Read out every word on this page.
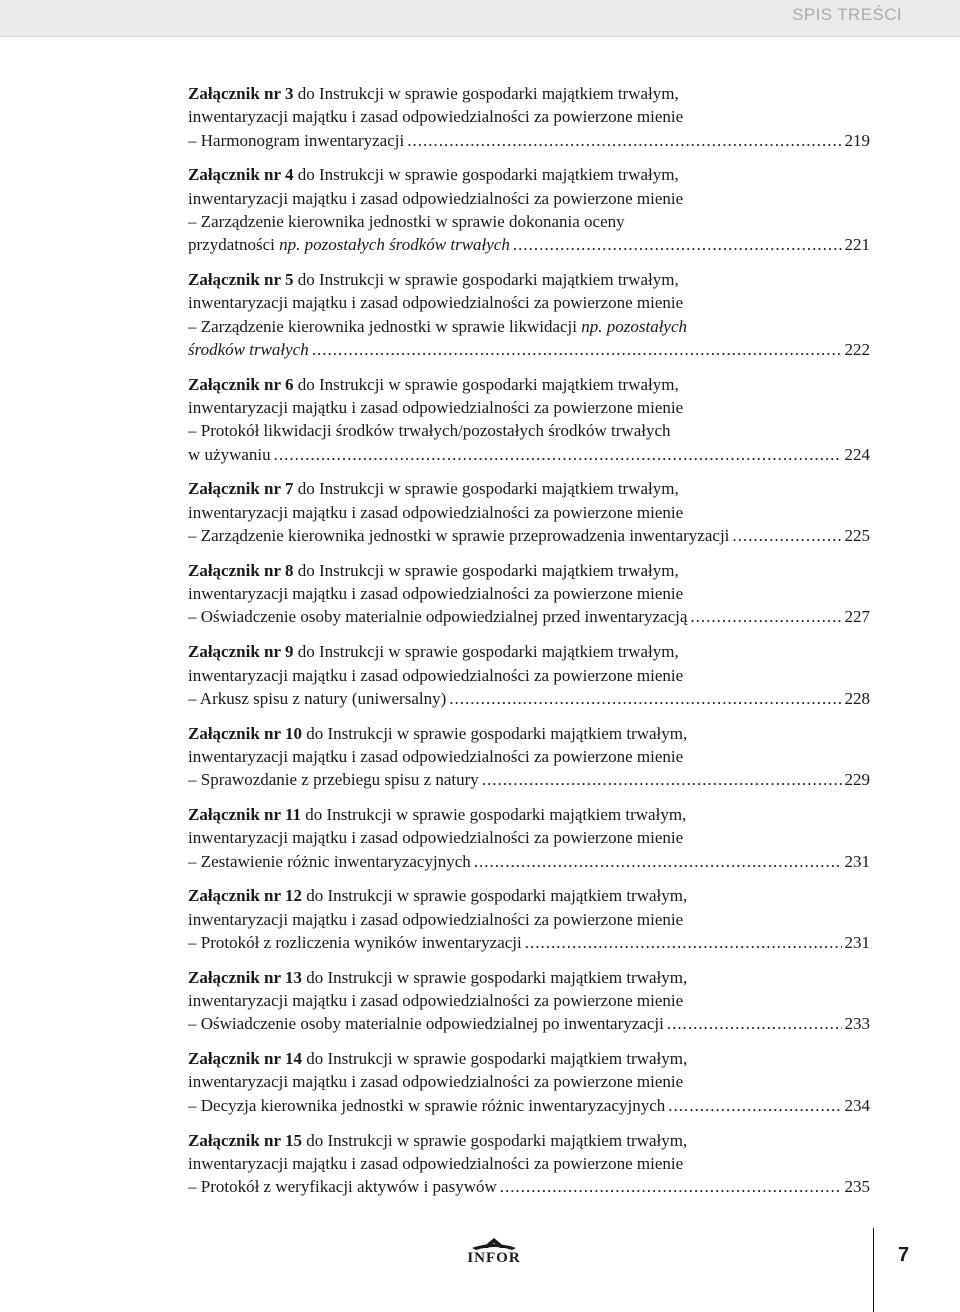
SPIS TREŚCI
Załącznik nr 3 do Instrukcji w sprawie gospodarki majątkiem trwałym,
inwentaryzacji majątku i zasad odpowiedzialności za powierzone mienie
– Harmonogram inwentaryzacji .....	219
Załącznik nr 4 do Instrukcji w sprawie gospodarki majątkiem trwałym,
inwentaryzacji majątku i zasad odpowiedzialności za powierzone mienie
– Zarządzenie kierownika jednostki w sprawie dokonania oceny
przydatności np. pozostałych środków trwałych .....	221
Załącznik nr 5 do Instrukcji w sprawie gospodarki majątkiem trwałym,
inwentaryzacji majątku i zasad odpowiedzialności za powierzone mienie
– Zarządzenie kierownika jednostki w sprawie likwidacji np. pozostałych
środków trwałych .....	222
Załącznik nr 6 do Instrukcji w sprawie gospodarki majątkiem trwałym,
inwentaryzacji majątku i zasad odpowiedzialności za powierzone mienie
– Protokół likwidacji środków trwałych/pozostałych środków trwałych
w używaniu .....	224
Załącznik nr 7 do Instrukcji w sprawie gospodarki majątkiem trwałym,
inwentaryzacji majątku i zasad odpowiedzialności za powierzone mienie
– Zarządzenie kierownika jednostki w sprawie przeprowadzenia inwentaryzacji .....	225
Załącznik nr 8 do Instrukcji w sprawie gospodarki majątkiem trwałym,
inwentaryzacji majątku i zasad odpowiedzialności za powierzone mienie
– Oświadczenie osoby materialnie odpowiedzialnej przed inwentaryzacją .....	227
Załącznik nr 9 do Instrukcji w sprawie gospodarki majątkiem trwałym,
inwentaryzacji majątku i zasad odpowiedzialności za powierzone mienie
– Arkusz spisu z natury (uniwersalny) .....	228
Załącznik nr 10 do Instrukcji w sprawie gospodarki majątkiem trwałym,
inwentaryzacji majątku i zasad odpowiedzialności za powierzone mienie
– Sprawozdanie z przebiegu spisu z natury .....	229
Załącznik nr 11 do Instrukcji w sprawie gospodarki majątkiem trwałym,
inwentaryzacji majątku i zasad odpowiedzialności za powierzone mienie
– Zestawienie różnic inwentaryzacyjnych .....	231
Załącznik nr 12 do Instrukcji w sprawie gospodarki majątkiem trwałym,
inwentaryzacji majątku i zasad odpowiedzialności za powierzone mienie
– Protokół z rozliczenia wyników inwentaryzacji .....	231
Załącznik nr 13 do Instrukcji w sprawie gospodarki majątkiem trwałym,
inwentaryzacji majątku i zasad odpowiedzialności za powierzone mienie
– Oświadczenie osoby materialnie odpowiedzialnej po inwentaryzacji .....	233
Załącznik nr 14 do Instrukcji w sprawie gospodarki majątkiem trwałym,
inwentaryzacji majątku i zasad odpowiedzialności za powierzone mienie
– Decyzja kierownika jednostki w sprawie różnic inwentaryzacyjnych .....	234
Załącznik nr 15 do Instrukcji w sprawie gospodarki majątkiem trwałym,
inwentaryzacji majątku i zasad odpowiedzialności za powierzone mienie
– Protokół z weryfikacji aktywów i pasywów .....	235
INFOR	7
